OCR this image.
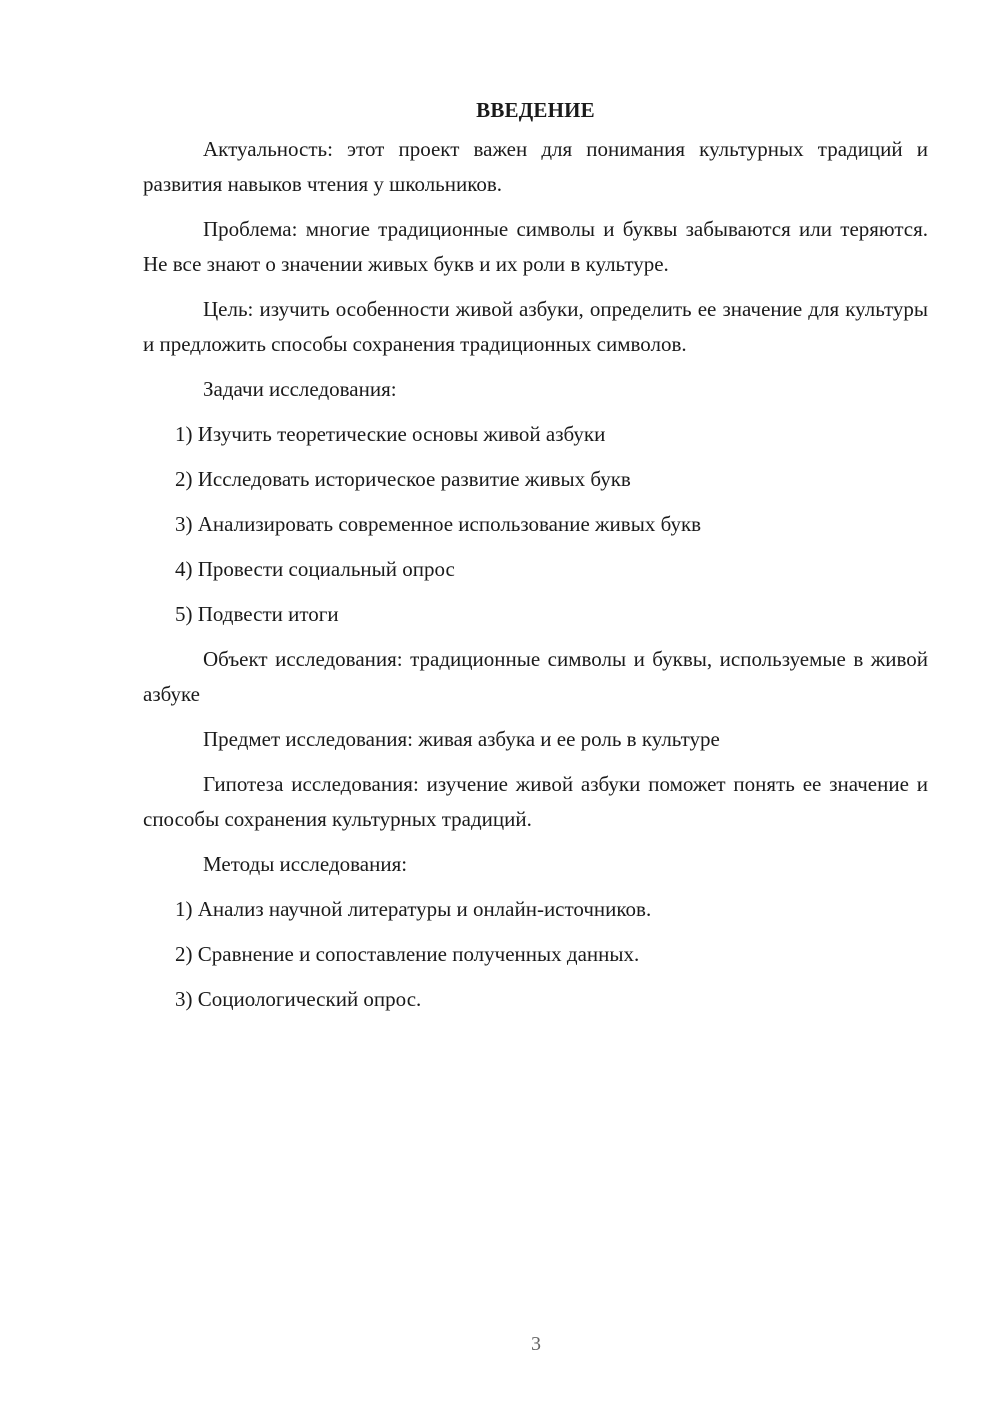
ВВЕДЕНИЕ

Актуальность: этот проект важен для понимания культурных традиций и развития навыков чтения у школьников.

Проблема: многие традиционные символы и буквы забываются или теряются. Не все знают о значении живых букв и их роли в культуре.

Цель: изучить особенности живой азбуки, определить ее значение для культуры и предложить способы сохранения традиционных символов.

Задачи исследования:

1) Изучить теоретические основы живой азбуки
2) Исследовать историческое развитие живых букв
3) Анализировать современное использование живых букв
4) Провести социальный опрос
5) Подвести итоги

Объект исследования: традиционные символы и буквы, используемые в живой азбуке

Предмет исследования: живая азбука и ее роль в культуре

Гипотеза исследования: изучение живой азбуки поможет понять ее значение и способы сохранения культурных традиций.

Методы исследования:

1) Анализ научной литературы и онлайн-источников.
2) Сравнение и сопоставление полученных данных.
3) Социологический опрос.
3
